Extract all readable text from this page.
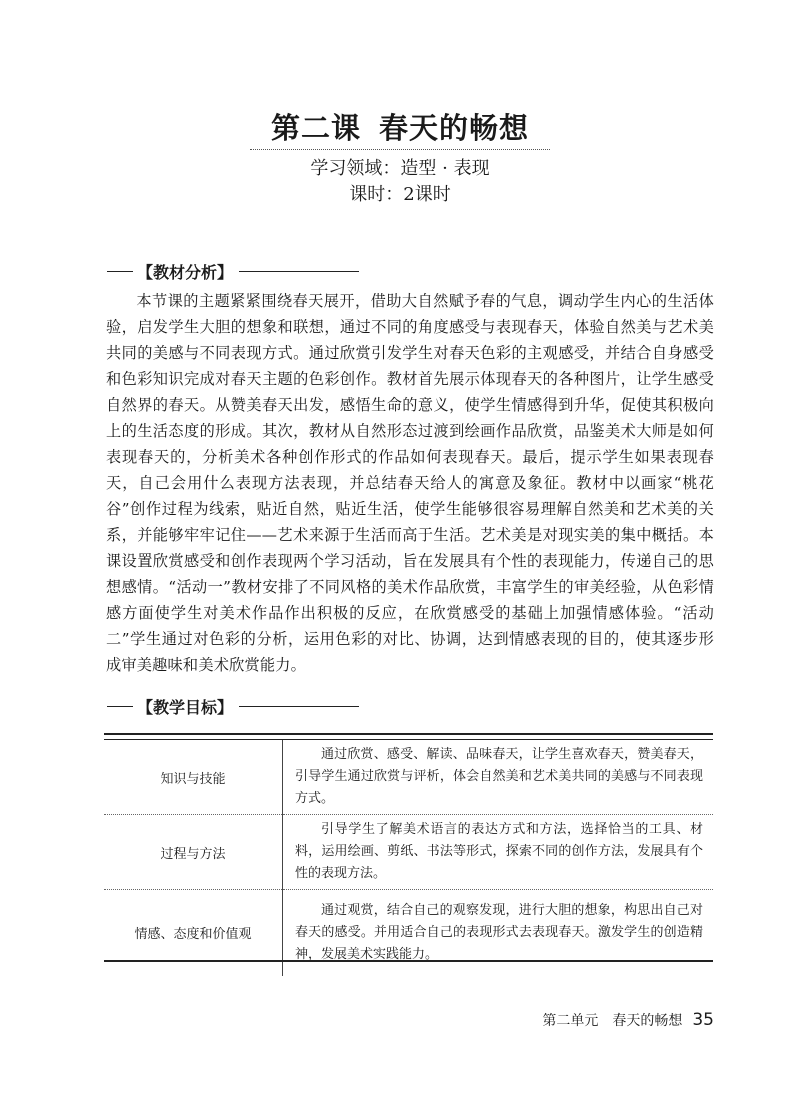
第二课 春天的畅想
学习领域：造型 · 表现
课时：2课时
【教材分析】
本节课的主题紧紧围绕春天展开，借助大自然赋予春的气息，调动学生内心的生活体验，启发学生大胆的想象和联想，通过不同的角度感受与表现春天，体验自然美与艺术美共同的美感与不同表现方式。通过欣赏引发学生对春天色彩的主观感受，并结合自身感受和色彩知识完成对春天主题的色彩创作。教材首先展示体现春天的各种图片，让学生感受自然界的春天。从赞美春天出发，感悟生命的意义，使学生情感得到升华，促使其积极向上的生活态度的形成。其次，教材从自然形态过渡到绘画作品欣赏，品鉴美术大师是如何表现春天的，分析美术各种创作形式的作品如何表现春天。最后，提示学生如果表现春天，自己会用什么表现方法表现，并总结春天给人的寓意及象征。教材中以画家“桃花谷”创作过程为线索，贴近自然，贴近生活，使学生能够很容易理解自然美和艺术美的关系，并能够牢牢记住——艺术来源于生活而高于生活。艺术美是对现实美的集中概括。本课设置欣赏感受和创作表现两个学习活动，旨在发展具有个性的表现能力，传递自己的思想感情。“活动一”教材安排了不同风格的美术作品欣赏，丰富学生的审美经验，从色彩情感方面使学生对美术作品作出积极的反应，在欣赏感受的基础上加强情感体验。“活动二”学生通过对色彩的分析，运用色彩的对比、协调，达到情感表现的目的，使其逐步形成审美趣味和美术欣赏能力。
【教学目标】
知识与技能	通过欣赏、感受、解读、品味春天，让学生喜欢春天，赞美春天，引导学生通过欣赏与评析，体会自然美和艺术美共同的美感与不同表现方式。
过程与方法	引导学生了解美术语言的表达方式和方法，选择恰当的工具、材料，运用绘画、剪纸、书法等形式，探索不同的创作方法，发展具有个性的表现方法。
情感、态度和价值观	通过观赏，结合自己的观察发现，进行大胆的想象，构思出自己对春天的感受。并用适合自己的表现形式去表现春天。激发学生的创造精神，发展美术实践能力。
第二单元　春天的畅想 35
